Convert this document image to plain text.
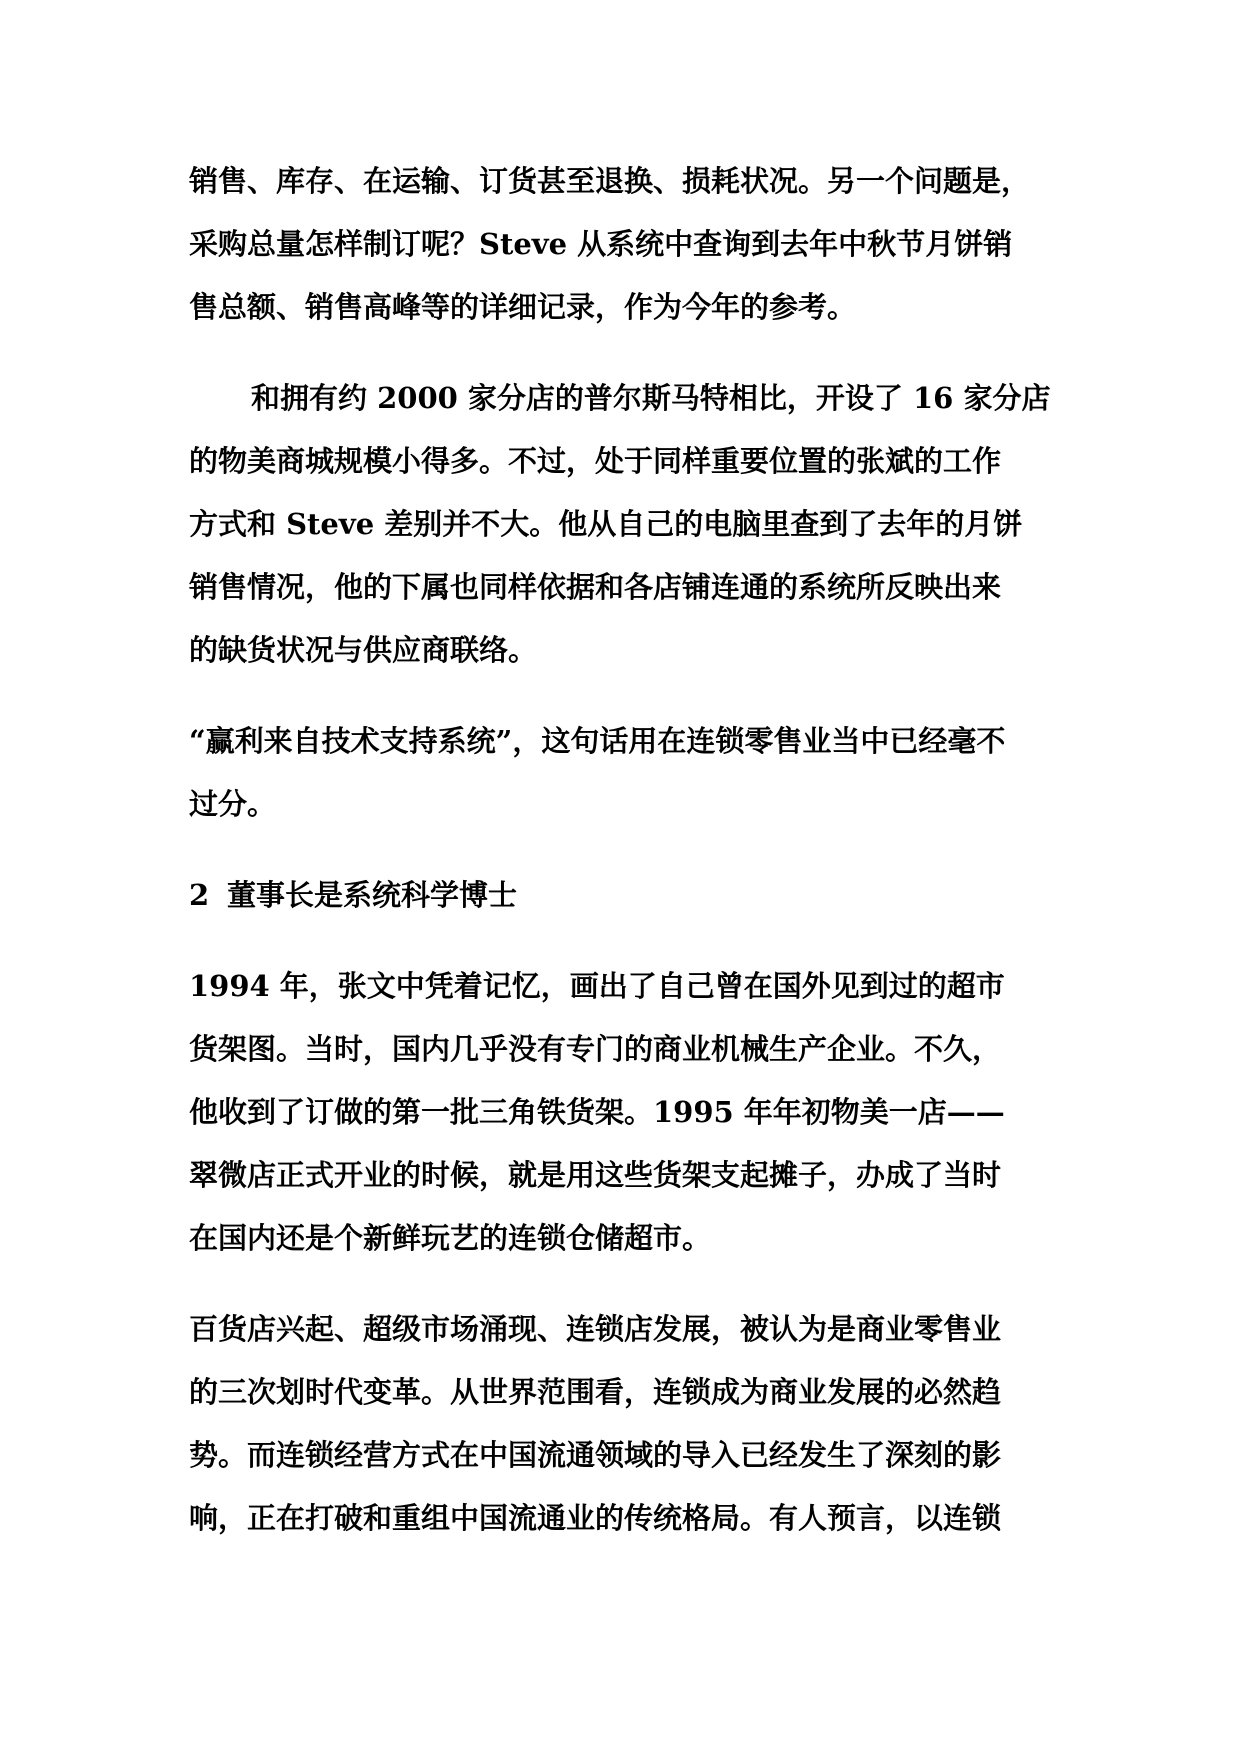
销售、库存、在运输、订货甚至退换、损耗状况。另一个问题是，
采购总量怎样制订呢？Steve 从系统中查询到去年中秋节月饼销
售总额、销售高峰等的详细记录，作为今年的参考。
和拥有约 2000 家分店的普尔斯马特相比，开设了 16 家分店
的物美商城规模小得多。不过，处于同样重要位置的张斌的工作
方式和 Steve 差别并不大。他从自己的电脑里查到了去年的月饼
销售情况，他的下属也同样依据和各店铺连通的系统所反映出来
的缺货状况与供应商联络。
“赢利来自技术支持系统”，这句话用在连锁零售业当中已经毫不
过分。
2 董事长是系统科学博士
1994 年，张文中凭着记忆，画出了自己曾在国外见到过的超市
货架图。当时，国内几乎没有专门的商业机械生产企业。不久，
他收到了订做的第一批三角铁货架。1995 年年初物美一店——
翠微店正式开业的时候，就是用这些货架支起摊子，办成了当时
在国内还是个新鲜玩艺的连锁仓储超市。
百货店兴起、超级市场涌现、连锁店发展，被认为是商业零售业
的三次划时代变革。从世界范围看，连锁成为商业发展的必然趋
势。而连锁经营方式在中国流通领域的导入已经发生了深刻的影
响，正在打破和重组中国流通业的传统格局。有人预言，以连锁
